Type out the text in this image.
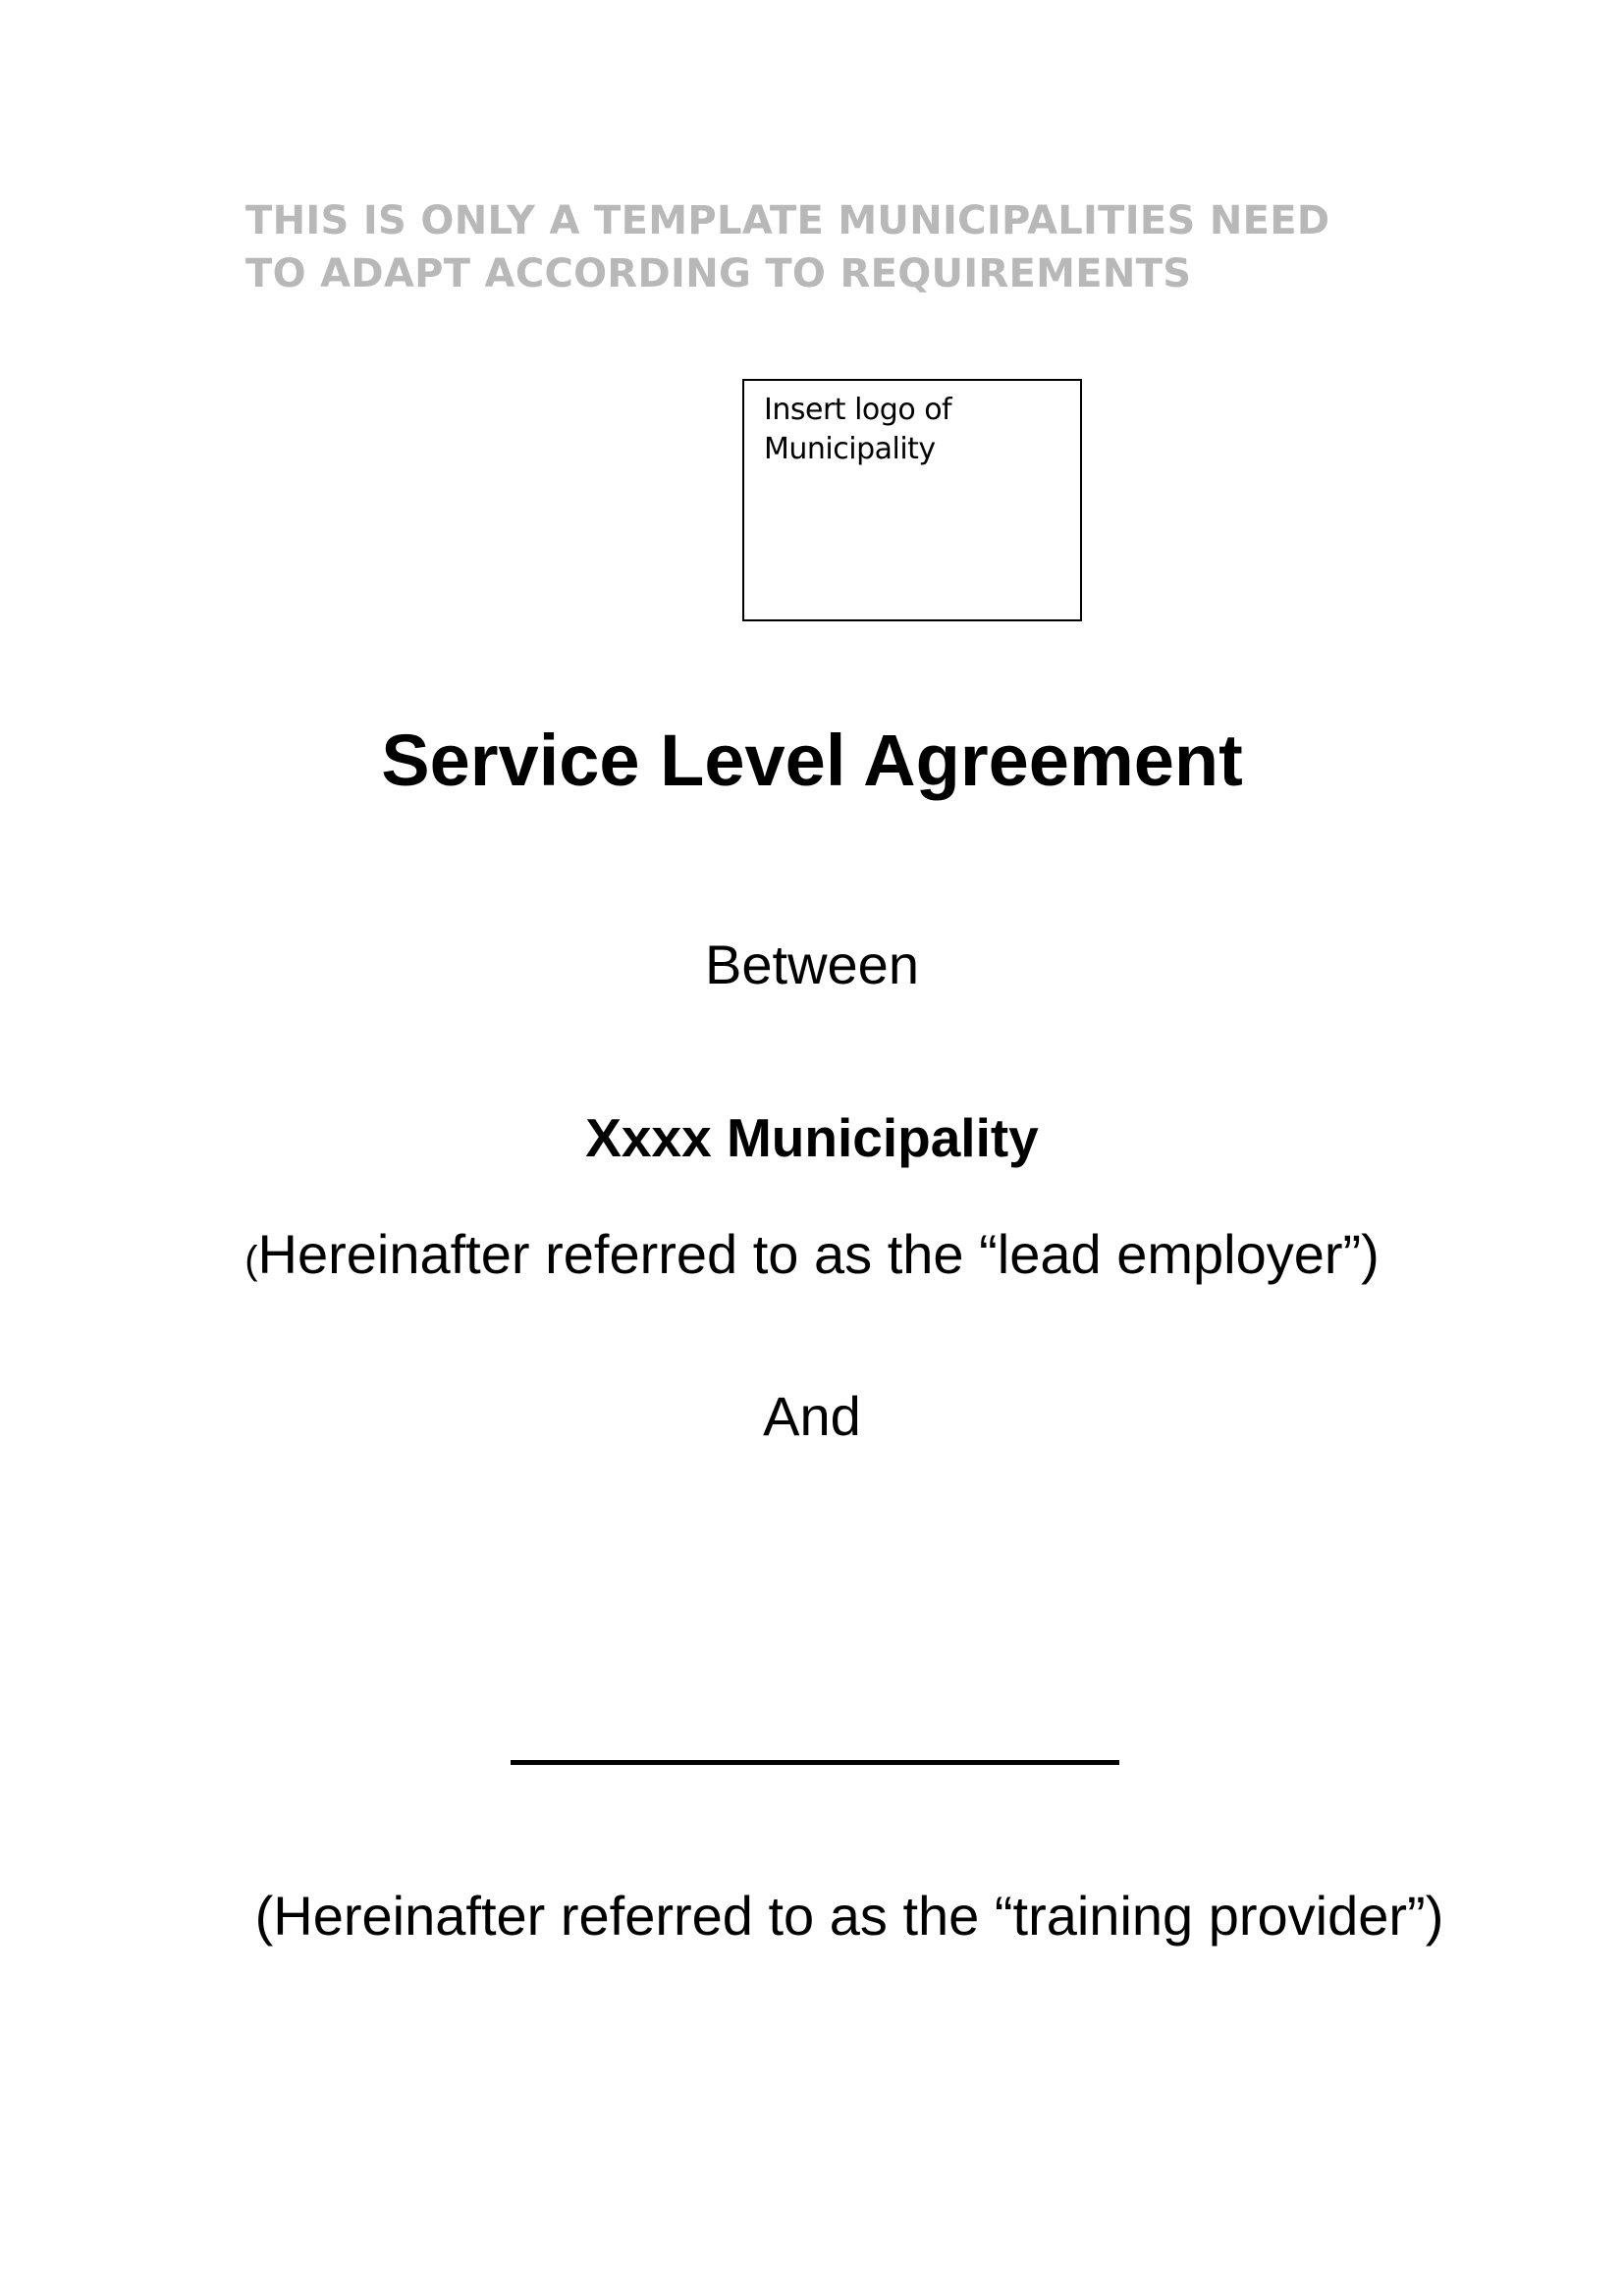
THIS IS ONLY A TEMPLATE MUNICIPALITIES NEED
TO ADAPT ACCORDING TO REQUIREMENTS
Insert logo of
Municipality
Service Level Agreement
Between
Xxxx Municipality
(Hereinafter referred to as the “lead employer”)
And
(Hereinafter referred to as the “training provider”)
